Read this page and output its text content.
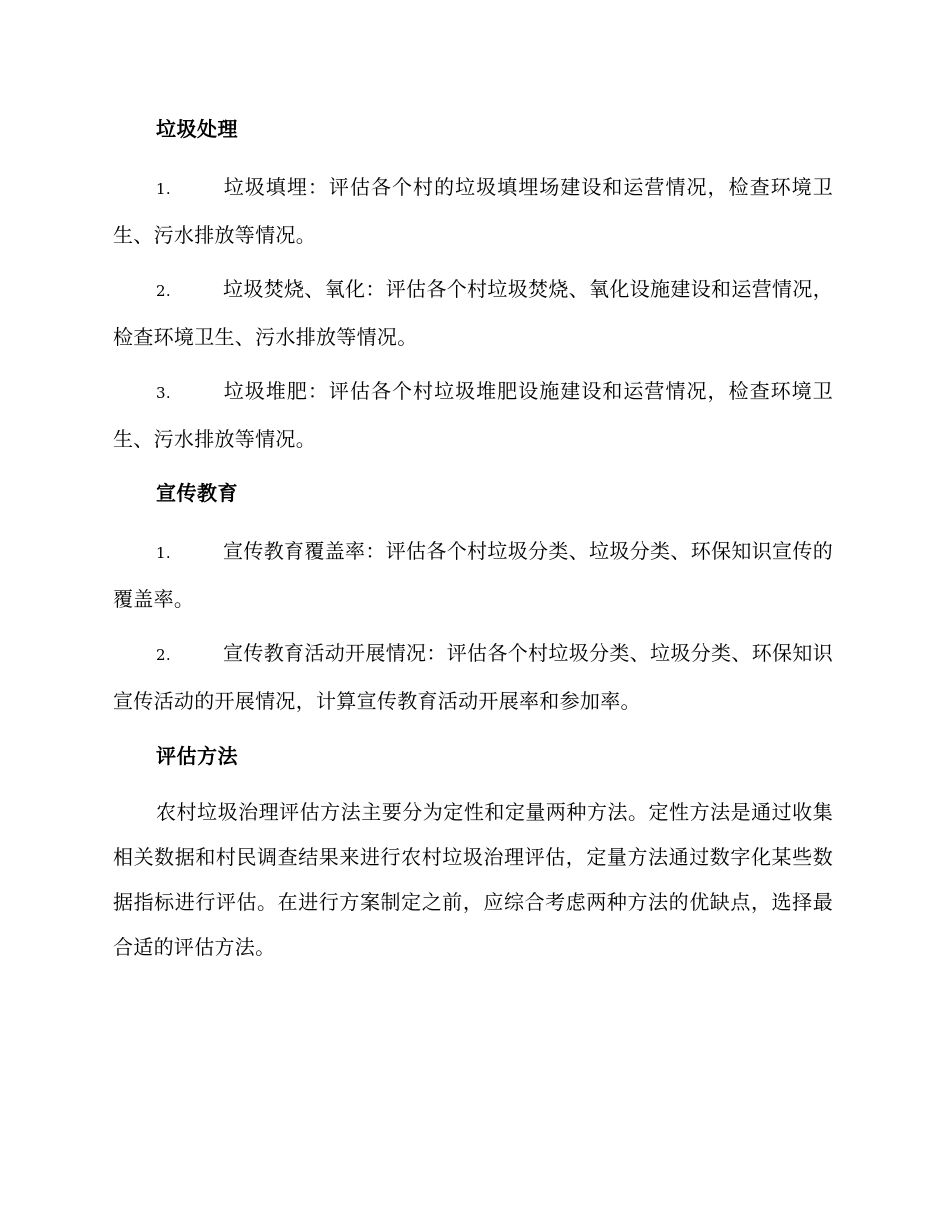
垃圾处理
1.	垃圾填埋：评估各个村的垃圾填埋场建设和运营情况，检查环境卫生、污水排放等情况。
2.	垃圾焚烧、氧化：评估各个村垃圾焚烧、氧化设施建设和运营情况，检查环境卫生、污水排放等情况。
3.	垃圾堆肥：评估各个村垃圾堆肥设施建设和运营情况，检查环境卫生、污水排放等情况。
宣传教育
1.	宣传教育覆盖率：评估各个村垃圾分类、垃圾分类、环保知识宣传的覆盖率。
2.	宣传教育活动开展情况：评估各个村垃圾分类、垃圾分类、环保知识宣传活动的开展情况，计算宣传教育活动开展率和参加率。
评估方法
农村垃圾治理评估方法主要分为定性和定量两种方法。定性方法是通过收集相关数据和村民调查结果来进行农村垃圾治理评估，定量方法通过数字化某些数据指标进行评估。在进行方案制定之前，应综合考虑两种方法的优缺点，选择最合适的评估方法。
